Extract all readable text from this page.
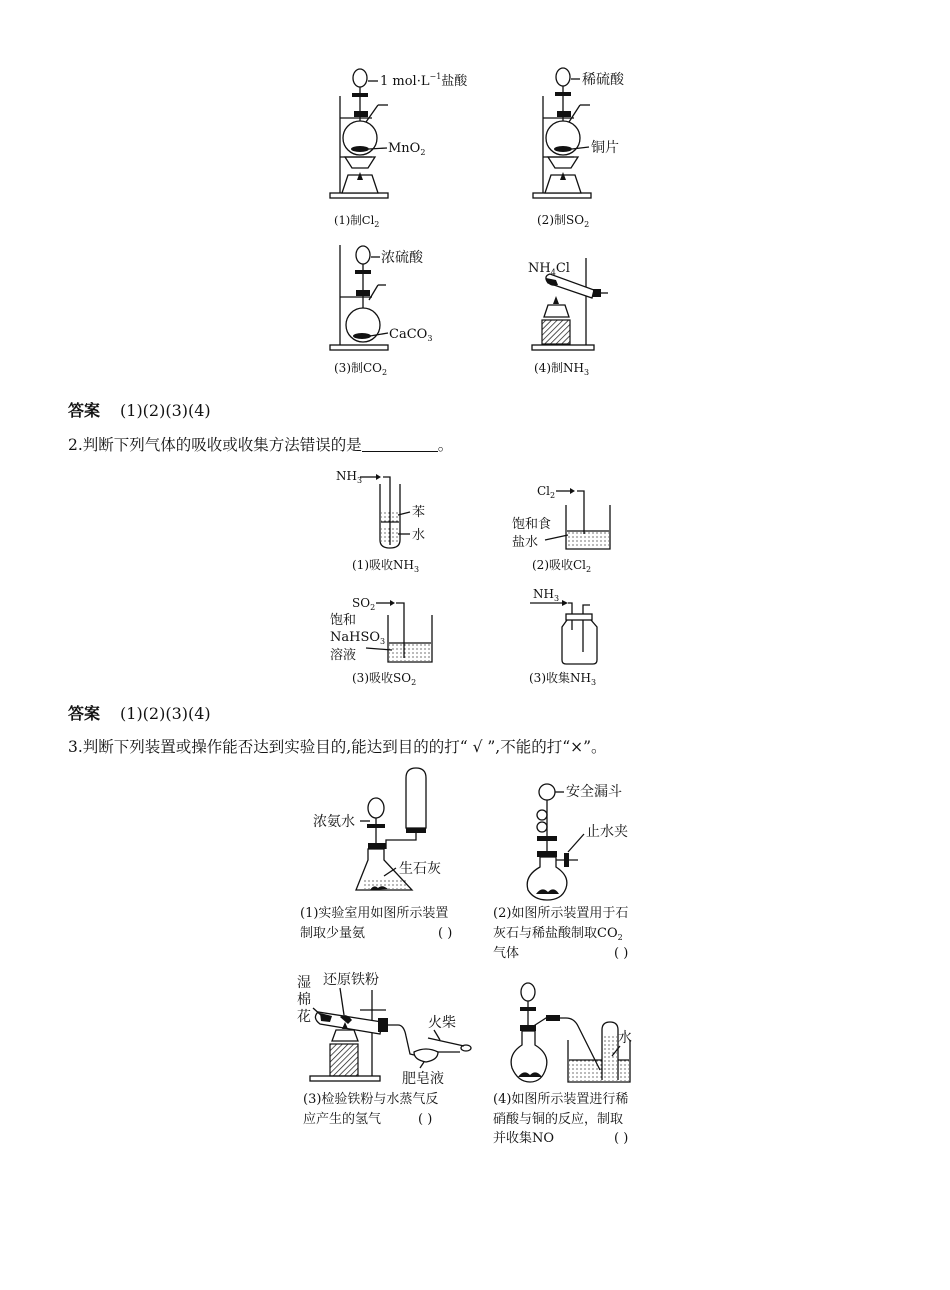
1 $mol\cdot L^{-1}$盐酸
MnO$_2$
(1)制$Cl_2$
稀硫酸
铜片
(2)制$SO_2$
浓硫酸
CaCO$_3$
(3)制$CO_2$
$NH_4Cl$
(4)制$NH_3$
答案 (1)(2)(3)(4)
2.判断下列气体的吸收或收集方法错误的是	。
$NH_3$
苯
水
(1)吸收$NH_3$
$Cl_2$
饱和食
盐水
(2)吸收$Cl_2$
$SO_2$
饱和
NaHSO$_3$
溶液
(3)吸收$SO_2$
$NH_3$
(3)收集$NH_3$
答案 (1)(2)(3)(4)
3.判断下列装置或操作能否达到实验目的,能达到目的的打“ √ ”,不能的打“×”。
浓氨水
生石灰
(1)实验室用如图所示装置
制取少量氨	( )
安全漏斗
止水夹
(2)如图所示装置用于石
灰石与稀盐酸制取$CO_2$
气体	( )
湿
棉
花
还原铁粉
火柴
肥皂液
(3)检验铁粉与水蒸气反
应产生的氢气	( )
水
(4)如图所示装置进行稀
硝酸与铜的反应，制取
并收集NO	( )
